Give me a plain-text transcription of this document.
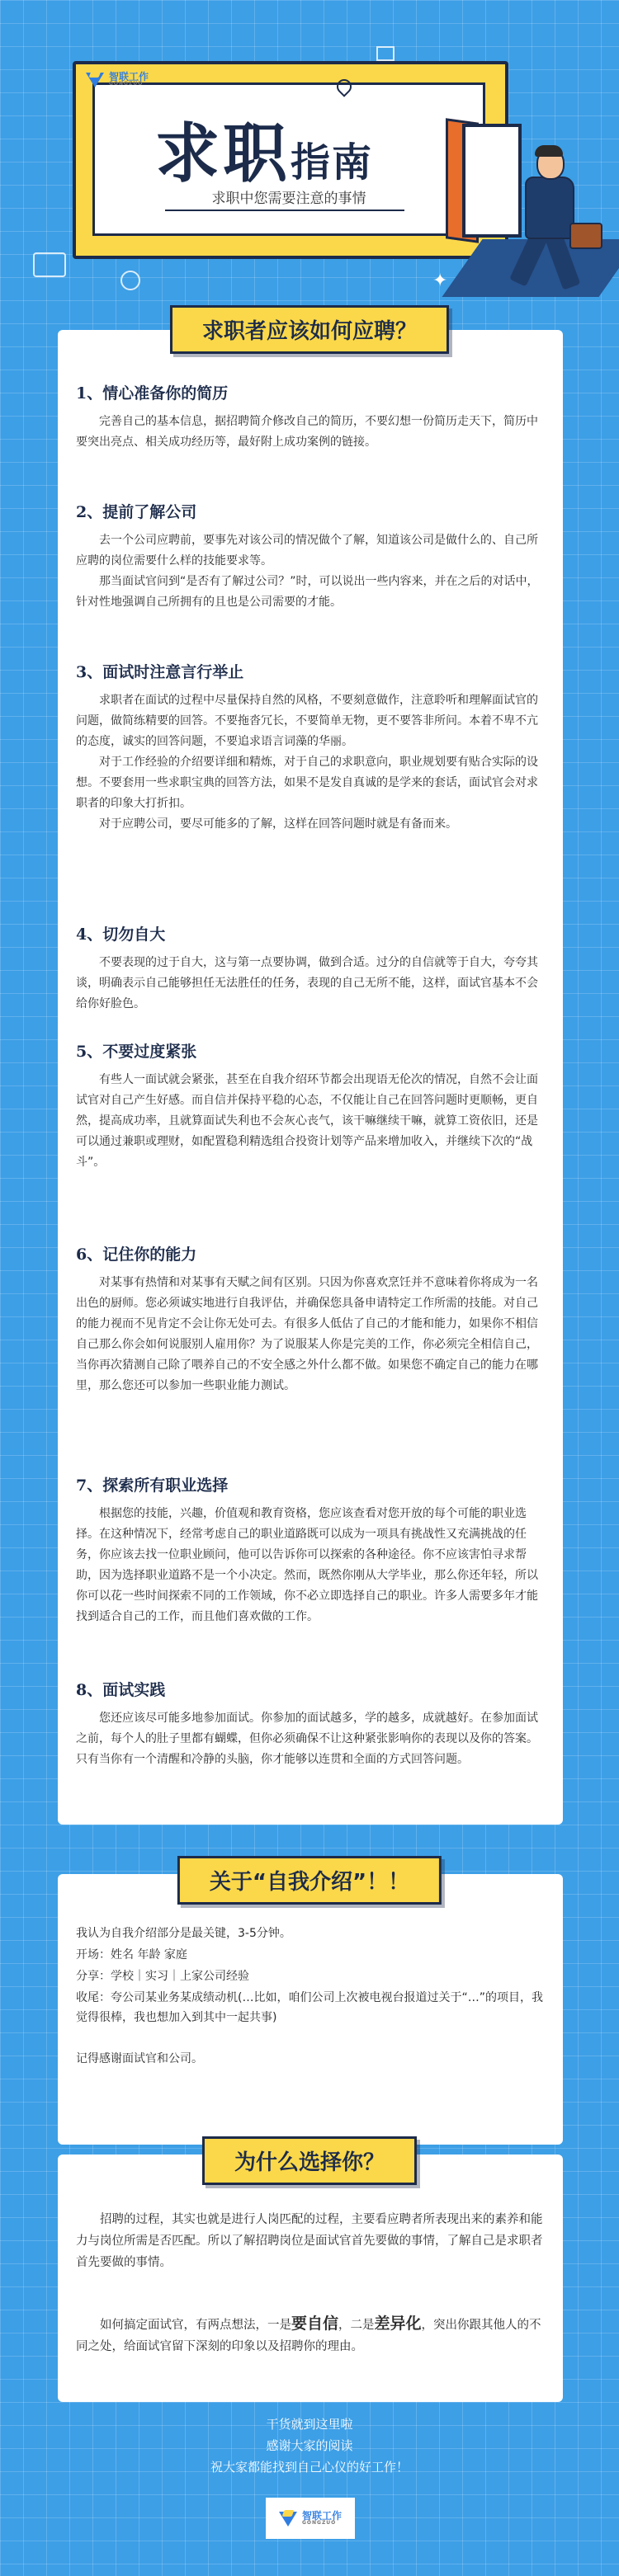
智联工作
GONGZUO
求职指南
求职中您需要注意的事情
✦
求职者应该如何应聘？
1、情心准备你的简历

完善自己的基本信息，据招聘简介修改自己的简历，不要幻想一份简历走天下，简历中要突出亮点、相关成功经历等，最好附上成功案例的链接。

2、提前了解公司

去一个公司应聘前，要事先对该公司的情况做个了解，知道该公司是做什么的、自己所应聘的岗位需要什么样的技能要求等。

那当面试官问到“是否有了解过公司？”时，可以说出一些内容来，并在之后的对话中，针对性地强调自己所拥有的且也是公司需要的才能。

3、面试时注意言行举止

求职者在面试的过程中尽量保持自然的风格，不要刻意做作，注意聆听和理解面试官的问题，做简练精要的回答。不要拖沓冗长，不要简单无物，更不要答非所问。本着不卑不亢的态度，诚实的回答问题，不要追求语言词藻的华丽。

对于工作经验的介绍要详细和精炼，对于自己的求职意向，职业规划要有贴合实际的设想。不要套用一些求职宝典的回答方法，如果不是发自真诚的是学来的套话，面试官会对求职者的印象大打折扣。

对于应聘公司，要尽可能多的了解，这样在回答问题时就是有备而来。

4、切勿自大

不要表现的过于自大，这与第一点要协调，做到合适。过分的自信就等于自大，夸夸其谈，明确表示自己能够担任无法胜任的任务，表现的自己无所不能，这样，面试官基本不会给你好脸色。

5、不要过度紧张

有些人一面试就会紧张，甚至在自我介绍环节都会出现语无伦次的情况，自然不会让面试官对自己产生好感。而自信并保持平稳的心态，不仅能让自己在回答问题时更顺畅，更自然，提高成功率，且就算面试失利也不会灰心丧气，该干嘛继续干嘛，就算工资依旧，还是可以通过兼职或理财，如配置稳利精选组合投资计划等产品来增加收入，并继续下次的“战斗”。

6、记住你的能力

对某事有热情和对某事有天赋之间有区别。只因为你喜欢烹饪并不意味着你将成为一名出色的厨师。您必须诚实地进行自我评估，并确保您具备申请特定工作所需的技能。对自己的能力视而不见肯定不会让你无处可去。有很多人低估了自己的才能和能力，如果你不相信自己那么你会如何说服别人雇用你？为了说服某人你是完美的工作，你必须完全相信自己，当你再次猜测自己除了喂养自己的不安全感之外什么都不做。如果您不确定自己的能力在哪里，那么您还可以参加一些职业能力测试。

7、探索所有职业选择

根据您的技能，兴趣，价值观和教育资格，您应该查看对您开放的每个可能的职业选择。在这种情况下，经常考虑自己的职业道路既可以成为一项具有挑战性又充满挑战的任务，你应该去找一位职业顾问，他可以告诉你可以探索的各种途径。你不应该害怕寻求帮助，因为选择职业道路不是一个小决定。然而，既然你刚从大学毕业，那么你还年轻，所以你可以花一些时间探索不同的工作领域，你不必立即选择自己的职业。许多人需要多年才能找到适合自己的工作，而且他们喜欢做的工作。

8、面试实践

您还应该尽可能多地参加面试。你参加的面试越多，学的越多，成就越好。在参加面试之前，每个人的肚子里都有蝴蝶，但你必须确保不让这种紧张影响你的表现以及你的答案。只有当你有一个清醒和冷静的头脑，你才能够以连贯和全面的方式回答问题。

关于“自我介绍”！！
我认为自我介绍部分是最关键，3-5分钟。
开场：姓名 年龄 家庭
分享：学校｜实习｜上家公司经验
收尾：夸公司某业务某成绩动机(…比如，咱们公司上次被电视台报道过关于“…”的项目，我觉得很棒，我也想加入到其中一起共事)
记得感谢面试官和公司。
为什么选择你？

招聘的过程，其实也就是进行人岗匹配的过程，主要看应聘者所表现出来的素养和能力与岗位所需是否匹配。所以了解招聘岗位是面试官首先要做的事情，了解自己是求职者首先要做的事情。

如何搞定面试官，有两点想法，一是要自信，二是差异化，突出你跟其他人的不同之处，给面试官留下深刻的印象以及招聘你的理由。

干货就到这里啦
感谢大家的阅读
祝大家都能找到自己心仪的好工作！
智联工作
GONGZUO
